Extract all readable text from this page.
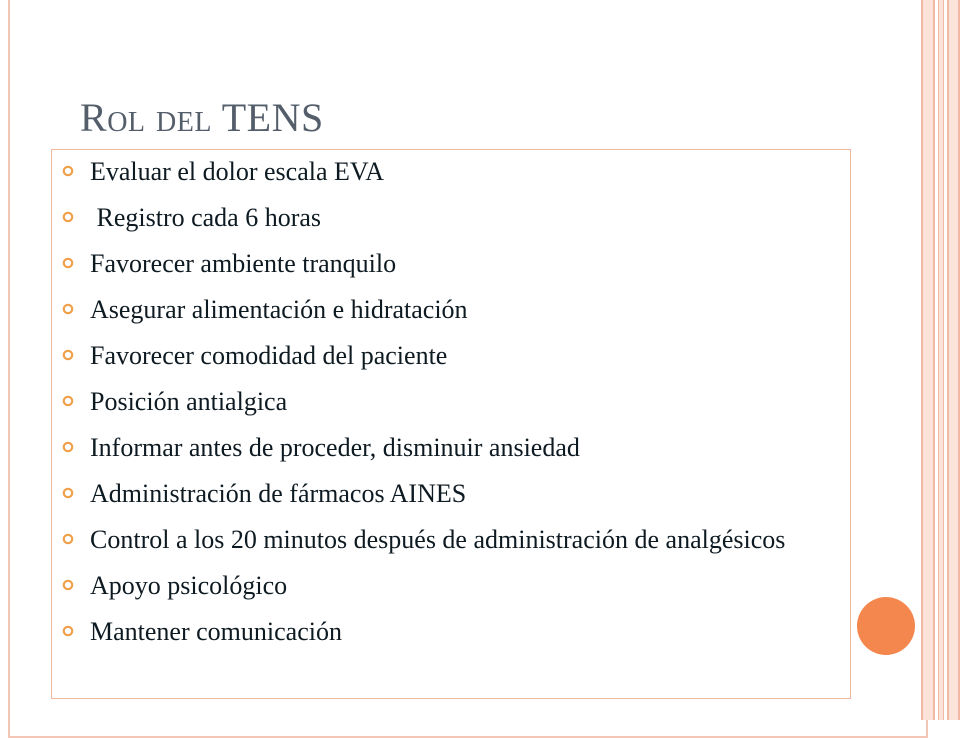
Rol del TENS
Evaluar el dolor escala EVA
Registro cada 6 horas
Favorecer ambiente tranquilo
Asegurar alimentación e hidratación
Favorecer comodidad del paciente
Posición antialgica
Informar antes de proceder, disminuir ansiedad
Administración de fármacos AINES
Control a los 20 minutos después de administración de analgésicos
Apoyo psicológico
Mantener comunicación
